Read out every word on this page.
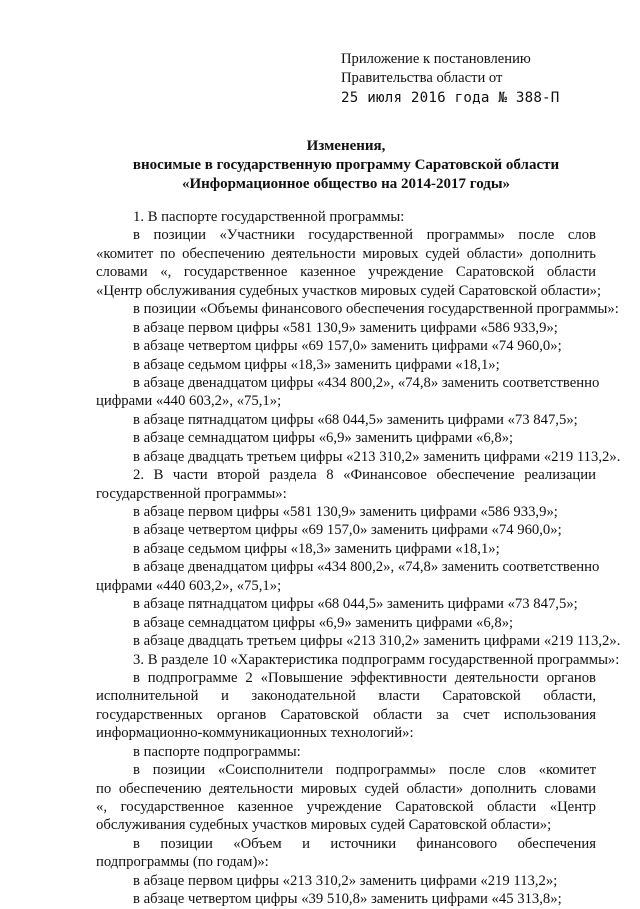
Приложение к постановлению
Правительства области от
25 июля 2016 года № 388-П
Изменения,
вносимые в государственную программу Саратовской области
«Информационное общество на 2014-2017 годы»
1. В паспорте государственной программы:
в позиции «Участники государственной программы» после слов
«комитет по обеспечению деятельности мировых судей области» дополнить
словами «, государственное казенное учреждение Саратовской области
«Центр обслуживания судебных участков мировых судей Саратовской области»;
в позиции «Объемы финансового обеспечения государственной программы»:
в абзаце первом цифры «581 130,9» заменить цифрами «586 933,9»;
в абзаце четвертом цифры «69 157,0» заменить цифрами «74 960,0»;
в абзаце седьмом цифры «18,3» заменить цифрами «18,1»;
в абзаце двенадцатом цифры «434 800,2», «74,8» заменить соответственно
цифрами «440 603,2», «75,1»;
в абзаце пятнадцатом цифры «68 044,5» заменить цифрами «73 847,5»;
в абзаце семнадцатом цифры «6,9» заменить цифрами «6,8»;
в абзаце двадцать третьем цифры «213 310,2» заменить цифрами «219 113,2».
2. В части второй раздела 8 «Финансовое обеспечение реализации
государственной программы»:
в абзаце первом цифры «581 130,9» заменить цифрами «586 933,9»;
в абзаце четвертом цифры «69 157,0» заменить цифрами «74 960,0»;
в абзаце седьмом цифры «18,3» заменить цифрами «18,1»;
в абзаце двенадцатом цифры «434 800,2», «74,8» заменить соответственно
цифрами «440 603,2», «75,1»;
в абзаце пятнадцатом цифры «68 044,5» заменить цифрами «73 847,5»;
в абзаце семнадцатом цифры «6,9» заменить цифрами «6,8»;
в абзаце двадцать третьем цифры «213 310,2» заменить цифрами «219 113,2».
3. В разделе 10 «Характеристика подпрограмм государственной программы»:
в подпрограмме 2 «Повышение эффективности деятельности органов
исполнительной и законодательной власти Саратовской области,
государственных органов Саратовской области за счет использования
информационно-коммуникационных технологий»:
в паспорте подпрограммы:
в позиции «Соисполнители подпрограммы» после слов «комитет
по обеспечению деятельности мировых судей области» дополнить словами
«, государственное казенное учреждение Саратовской области «Центр
обслуживания судебных участков мировых судей Саратовской области»;
в позиции «Объем и источники финансового обеспечения
подпрограммы (по годам)»:
в абзаце первом цифры «213 310,2» заменить цифрами «219 113,2»;
в абзаце четвертом цифры «39 510,8» заменить цифрами «45 313,8»;
